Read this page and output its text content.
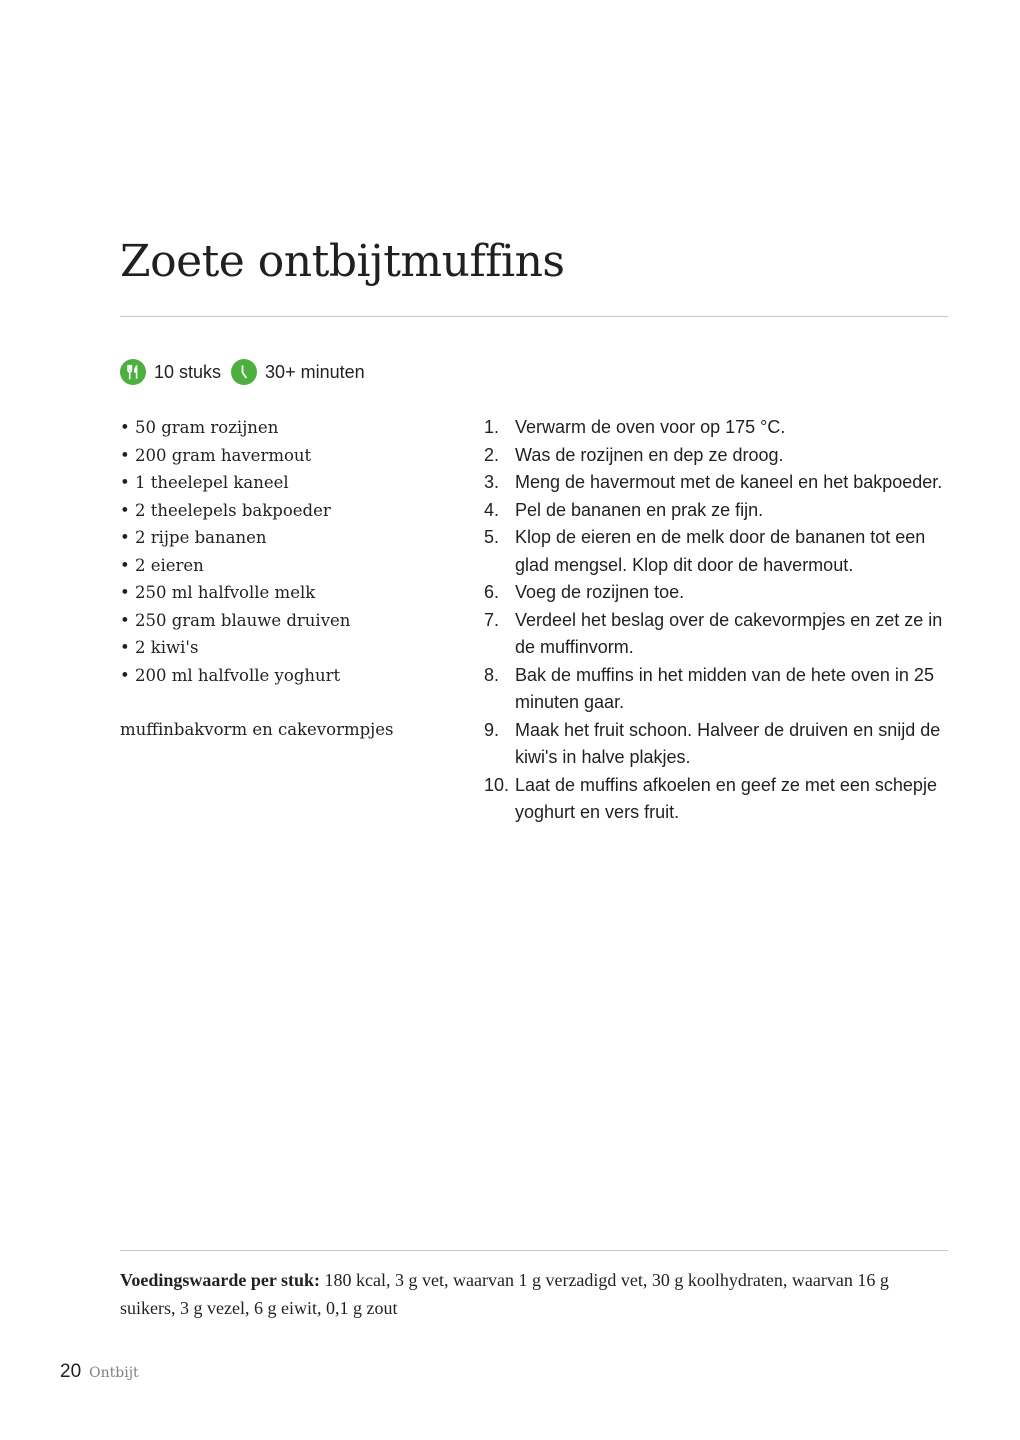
Zoete ontbijtmuffins
10 stuks 30+ minuten
• 50 gram rozijnen
• 200 gram havermout
• 1 theelepel kaneel
• 2 theelepels bakpoeder
• 2 rijpe bananen
• 2 eieren
• 250 ml halfvolle melk
• 250 gram blauwe druiven
• 2 kiwi's
• 200 ml halfvolle yoghurt
muffinbakvorm en cakevormpjes
1. Verwarm de oven voor op 175 °C.
2. Was de rozijnen en dep ze droog.
3. Meng de havermout met de kaneel en het bakpoeder.
4. Pel de bananen en prak ze fijn.
5. Klop de eieren en de melk door de bananen tot een glad mengsel. Klop dit door de havermout.
6. Voeg de rozijnen toe.
7. Verdeel het beslag over de cakevormpjes en zet ze in de muffinvorm.
8. Bak de muffins in het midden van de hete oven in 25 minuten gaar.
9. Maak het fruit schoon. Halveer de druiven en snijd de kiwi's in halve plakjes.
10. Laat de muffins afkoelen en geef ze met een schepje yoghurt en vers fruit.
Voedingswaarde per stuk: 180 kcal, 3 g vet, waarvan 1 g verzadigd vet, 30 g koolhydraten, waarvan 16 g suikers, 3 g vezel, 6 g eiwit, 0,1 g zout
20 Ontbijt
